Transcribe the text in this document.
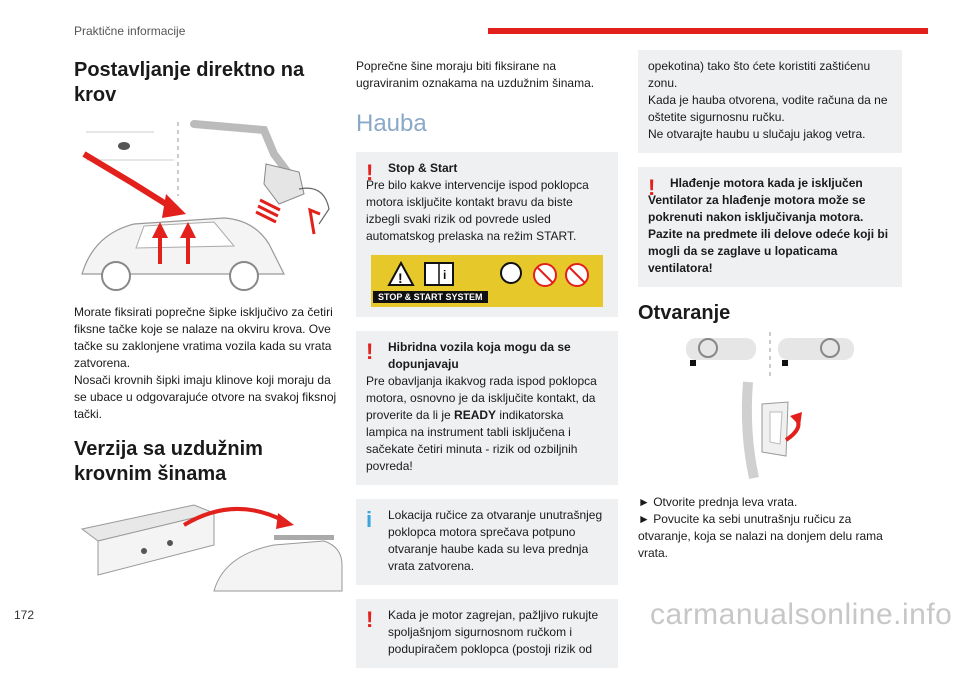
Praktične informacije
Postavljanje direktno na krov

Morate fiksirati poprečne šipke isključivo za četiri fiksne tačke koje se nalaze na okviru krova. Ove tačke su zaklonjene vratima vozila kada su vrata zatvorena.

Nosači krovnih šipki imaju klinove koji moraju da se ubace u odgovarajuće otvore na svakoj fiksnoj tački.

Verzija sa uzdužnim krovnim šinama

Poprečne šine moraju biti fiksirane na ugraviranim oznakama na uzdužnim šinama.

Hauba
!	Stop & Start
Pre bilo kakve intervencije ispod poklopca motora isključite kontakt bravu da biste izbegli svaki rizik od povrede usled automatskog prelaska na režim START.
!	i
STOP & START SYSTEM
!	Hibridna vozila koja mogu da se dopunjavaju
Pre obavljanja ikakvog rada ispod poklopca motora, osnovno je da isključite kontakt, da proverite da li je READY indikatorska lampica na instrument tabli isključena i sačekate četiri minuta - rizik od ozbiljnih povreda!
i	Lokacija ručice za otvaranje unutrašnjeg poklopca motora sprečava potpuno otvaranje haube kada su leva prednja vrata zatvorena.
!	Kada je motor zagrejan, pažljivo rukujte spoljašnjom sigurnosnom ručkom i podupiračem poklopca (postoji rizik od
opekotina) tako što ćete koristiti zaštićenu zonu.
Kada je hauba otvorena, vodite računa da ne oštetite sigurnosnu ručku.
Ne otvarajte haubu u slučaju jakog vetra.
!	Hlađenje motora kada je isključen
Ventilator za hlađenje motora može se pokrenuti nakon isključivanja motora. Pazite na predmete ili delove odeće koji bi mogli da se zaglave u lopaticama ventilatora!
Otvaranje

► Otvorite prednja leva vrata.

► Povucite ka sebi unutrašnju ručicu za otvaranje, koja se nalazi na donjem delu rama vrata.

172	carmanualsonline.info
